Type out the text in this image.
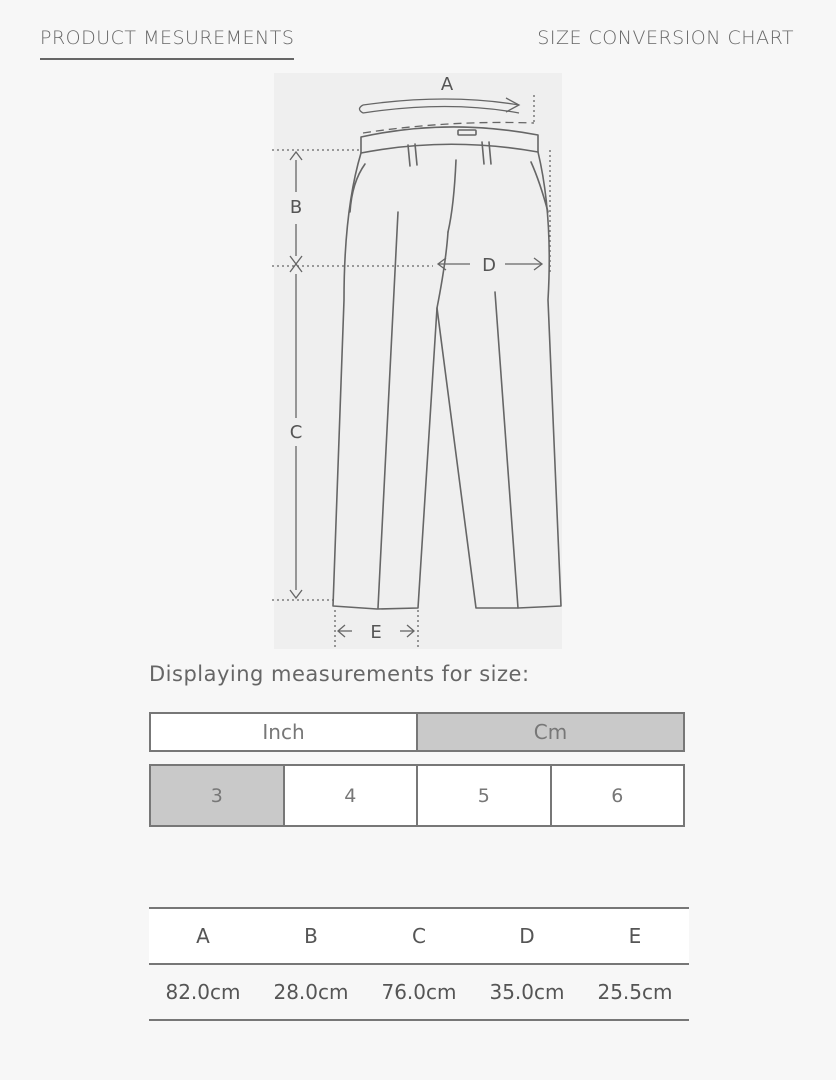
PRODUCT MESUREMENTS	SIZE CONVERSION CHART
A
B
C
D
E
Displaying measurements for size:
Inch	Cm
3	4	5	6
A	B	C	D	E
82.0cm	28.0cm	76.0cm	35.0cm	25.5cm
